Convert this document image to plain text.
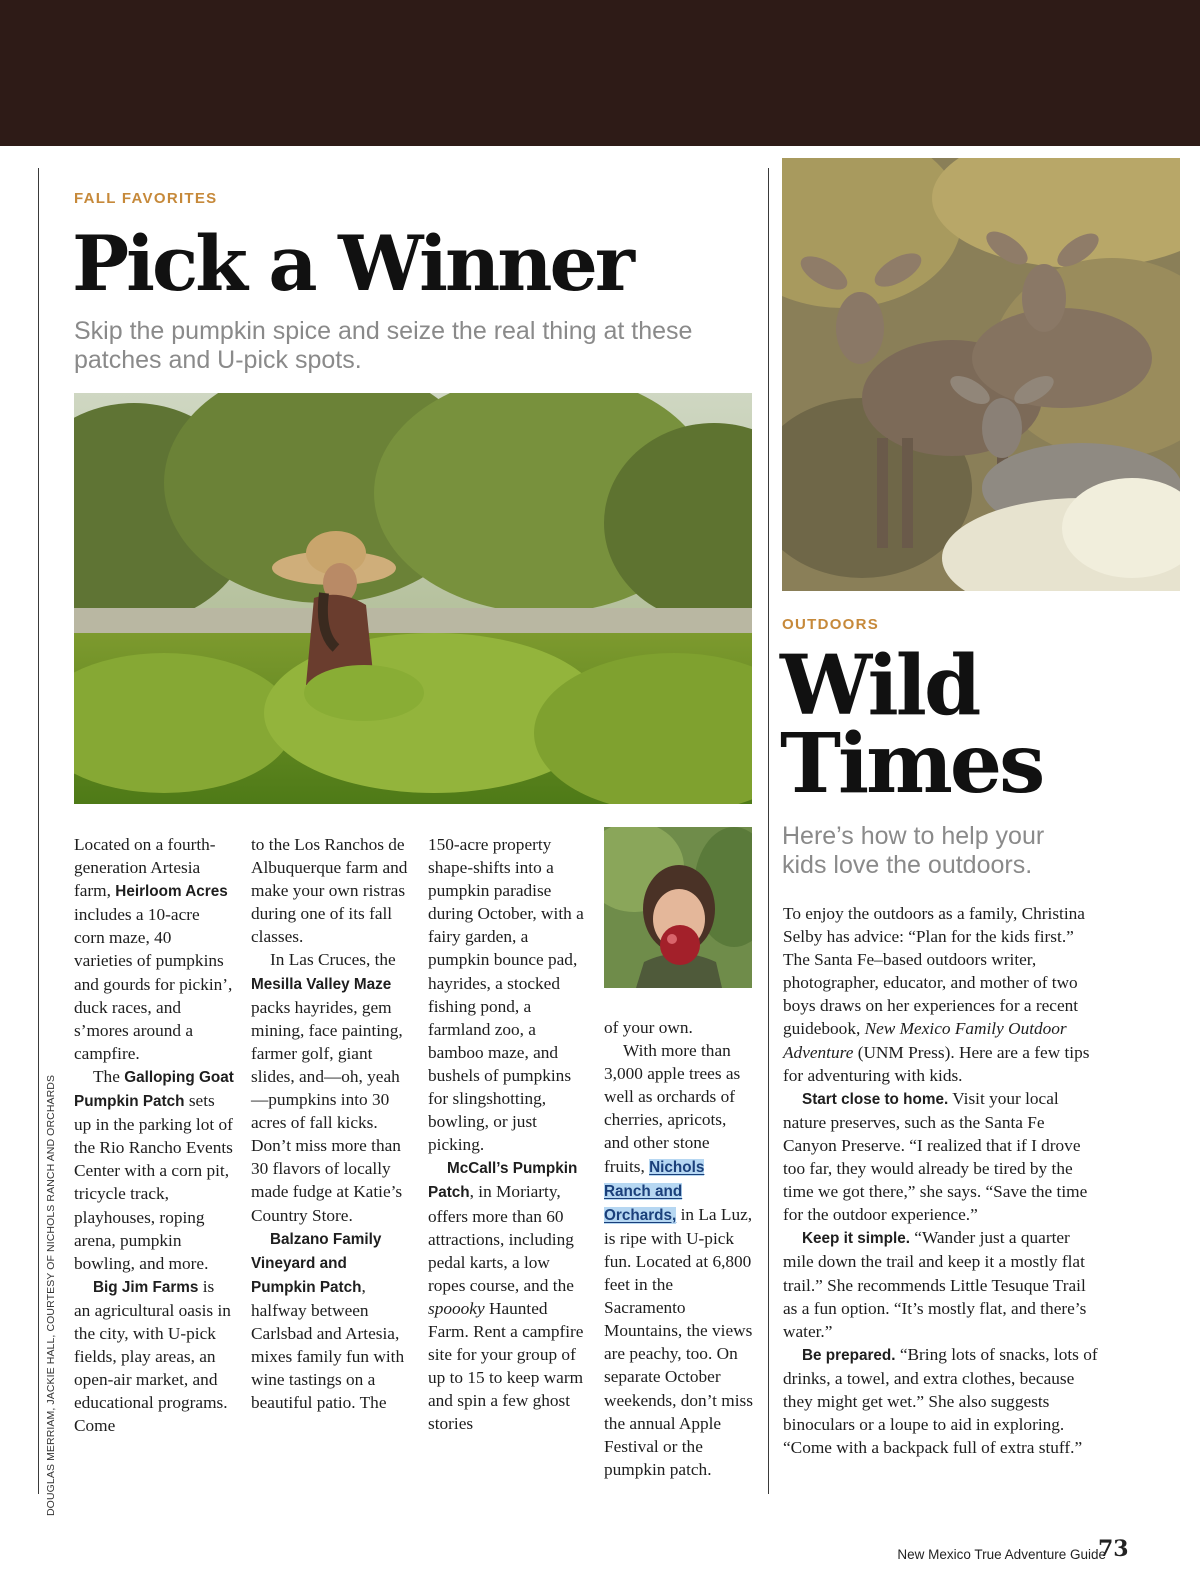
DOUGLAS MERRIAM, JACKIE HALL, COURTESY OF NICHOLS RANCH AND ORCHARDS
FALL FAVORITES
Pick a Winner
Skip the pumpkin spice and seize the real thing at these patches and U-pick spots.

Located on a fourth-generation Artesia farm, Heirloom Acres includes a 10-acre corn maze, 40 varieties of pumpkins and gourds for pickin’, duck races, and s’mores around a campfire.

The Galloping Goat Pumpkin Patch sets up in the parking lot of the Rio Rancho Events Center with a corn pit, tricycle track, playhouses, roping arena, pumpkin bowling, and more.

Big Jim Farms is an agricultural oasis in the city, with U-pick fields, play areas, an open-air market, and educational programs. Come

to the Los Ranchos de Albuquerque farm and make your own ristras during one of its fall classes.

In Las Cruces, the Mesilla Valley Maze packs hayrides, gem mining, face painting, farmer golf, giant slides, and—oh, yeah—pumpkins into 30 acres of fall kicks. Don’t miss more than 30 flavors of locally made fudge at Katie’s Country Store.

Balzano Family Vineyard and Pumpkin Patch, halfway between Carlsbad and Artesia, mixes family fun with wine tastings on a beautiful patio. The

150-acre property shape-shifts into a pumpkin paradise during October, with a fairy garden, a pumpkin bounce pad, hayrides, a stocked fishing pond, a farmland zoo, a bamboo maze, and bushels of pumpkins for slingshotting, bowling, or just picking.

McCall’s Pumpkin Patch, in Moriarty, offers more than 60 attractions, including pedal karts, a low ropes course, and the spoooky Haunted Farm. Rent a campfire site for your group of up to 15 to keep warm and spin a few ghost stories

of your own.

With more than 3,000 apple trees as well as orchards of cherries, apricots, and other stone fruits, Nichols Ranch and Orchards, in La Luz, is ripe with U-pick fun. Located at 6,800 feet in the Sacramento Mountains, the views are peachy, too. On separate October weekends, don’t miss the annual Apple Festival or the pumpkin patch.

OUTDOORS
Wild
Times
Here’s how to help your kids love the outdoors.

To enjoy the outdoors as a family, Christina Selby has advice: “Plan for the kids first.” The Santa Fe–based outdoors writer, photographer, educator, and mother of two boys draws on her experiences for a recent guidebook, New Mexico Family Outdoor Adventure (UNM Press). Here are a few tips for adventuring with kids.

Start close to home. Visit your local nature preserves, such as the Santa Fe Canyon Preserve. “I realized that if I drove too far, they would already be tired by the time we got there,” she says. “Save the time for the outdoor experience.”

Keep it simple. “Wander just a quarter mile down the trail and keep it a mostly flat trail.” She recommends Little Tesuque Trail as a fun option. “It’s mostly flat, and there’s water.”

Be prepared. “Bring lots of snacks, lots of drinks, a towel, and extra clothes, because they might get wet.” She also suggests binoculars or a loupe to aid in exploring. “Come with a backpack full of extra stuff.”

New Mexico True Adventure Guide
73
